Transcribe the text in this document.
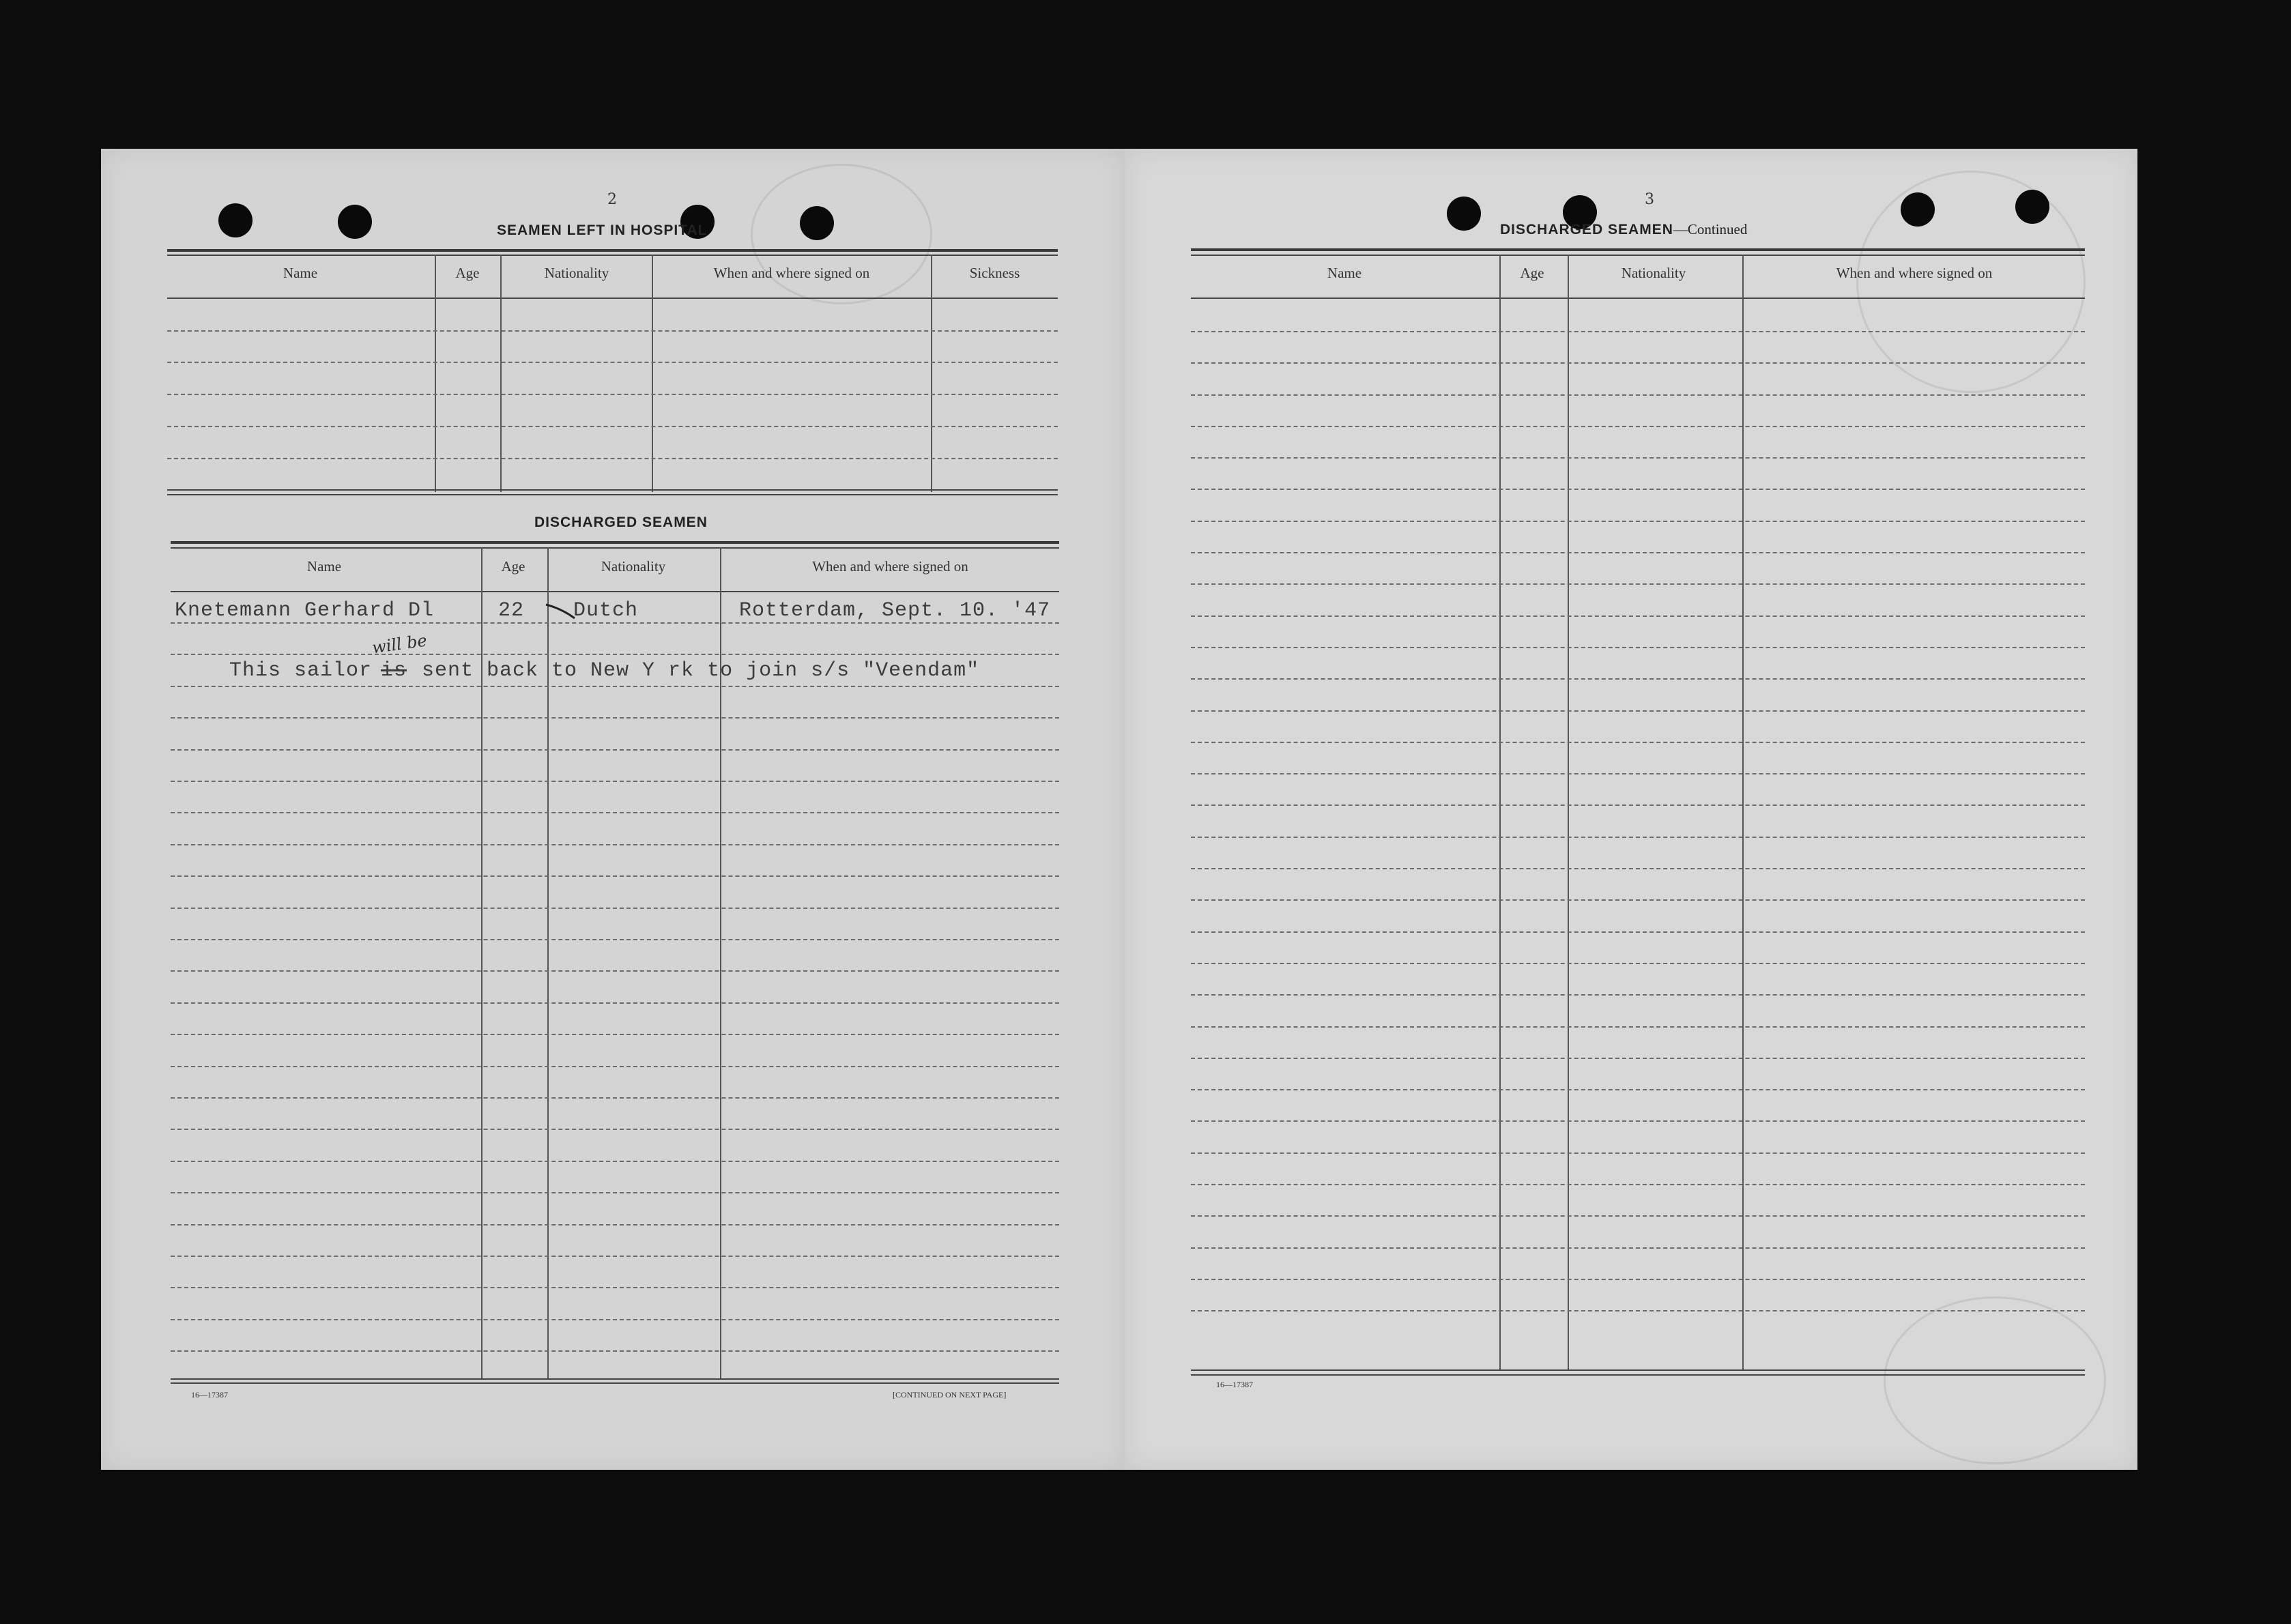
2
SEAMEN LEFT IN HOSPITAL
Name	Age	Nationality	When and where signed on	Sickness
DISCHARGED SEAMEN
Name	Age	Nationality	When and where signed on
Knetemann Gerhard Dl	22 Dutch	Rotterdam, Sept. 10. '47
This sailor is
will be
sent back to New Y rk to join s/s "Veendam"
16—17387	[CONTINUED ON NEXT PAGE]
3
DISCHARGED SEAMEN—Continued
Name	Age	Nationality	When and where signed on
16—17387
